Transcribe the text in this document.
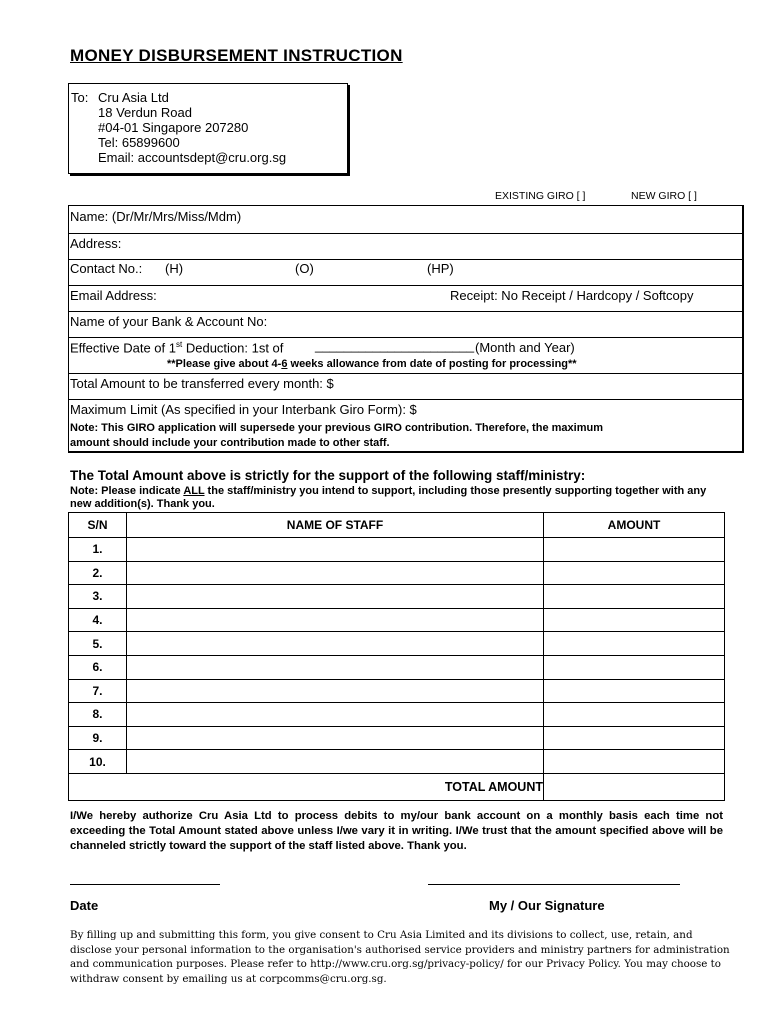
MONEY DISBURSEMENT INSTRUCTION
To: Cru Asia Ltd
18 Verdun Road
#04-01 Singapore 207280
Tel: 65899600
Email: accountsdept@cru.org.sg
EXISTING GIRO [ ]	NEW GIRO [ ]
Name: (Dr/Mr/Mrs/Miss/Mdm)
Address:
Contact No.: (H)	(O)	(HP)
Email Address:	Receipt: No Receipt / Hardcopy / Softcopy
Name of your Bank & Account No:
Effective Date of 1st Deduction: 1st of ______________________ (Month and Year)
**Please give about 4-6 weeks allowance from date of posting for processing**
Total Amount to be transferred every month: $
Maximum Limit (As specified in your Interbank Giro Form): $
Note: This GIRO application will supersede your previous GIRO contribution. Therefore, the maximum
amount should include your contribution made to other staff.
The Total Amount above is strictly for the support of the following staff/ministry:
Note: Please indicate ALL the staff/ministry you intend to support, including those presently supporting together with any new addition(s). Thank you.
S/N	NAME OF STAFF	AMOUNT
1.		
2.		
3.		
4.		
5.		
6.		
7.		
8.		
9.		
10.		
TOTAL AMOUNT		
I/We hereby authorize Cru Asia Ltd to process debits to my/our bank account on a monthly basis each time not exceeding the Total Amount stated above unless I/we vary it in writing. I/We trust that the amount specified above will be channeled strictly toward the support of the staff listed above. Thank you.
Date	My / Our Signature
By filling up and submitting this form, you give consent to Cru Asia Limited and its divisions to collect, use, retain, and disclose your personal information to the organisation's authorised service providers and ministry partners for administration and communication purposes. Please refer to http://www.cru.org.sg/privacy-policy/ for our Privacy Policy. You may choose to withdraw consent by emailing us at corpcomms@cru.org.sg.
